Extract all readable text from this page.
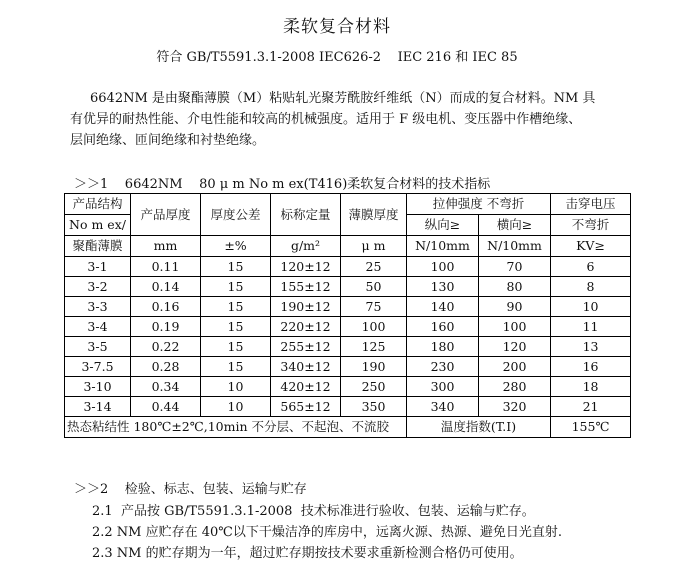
柔软复合材料
符合 GB/T5591.3.1-2008 IEC626-2    IEC 216 和 IEC 85
6642NM 是由聚酯薄膜（M）粘贴轧光聚芳酰胺纤维纸（N）而成的复合材料。NM 具
有优异的耐热性能、介电性能和较高的机械强度。适用于 F 级电机、变压器中作槽绝缘、
层间绝缘、匝间绝缘和衬垫绝缘。
＞＞1    6642NM    80 μ m No m ex(T416)柔软复合材料的技术指标
产品结构	产品厚度	厚度公差	标称定量	薄膜厚度	拉伸强度 不弯折		击穿电压
No m ex/					纵向≥	横向≥	不弯折
聚酯薄膜	mm	±%	g/m²	μ m	N/10mm	N/10mm	KV≥
3-1	0.11	15	120±12	25	100	70	6
3-2	0.14	15	155±12	50	130	80	8
3-3	0.16	15	190±12	75	140	90	10
3-4	0.19	15	220±12	100	160	100	11
3-5	0.22	15	255±12	125	180	120	13
3-7.5	0.28	15	340±12	190	230	200	16
3-10	0.34	10	420±12	250	300	280	18
3-14	0.44	10	565±12	350	340	320	21
热态粘结性 180℃±2℃,10min 不分层、不起泡、不流胶					温度指数(T.I)		155℃
＞＞2    检验、标志、包装、运输与贮存
2.1  产品按 GB/T5591.3.1-2008  技术标准进行验收、包装、运输与贮存。
2.2 NM 应贮存在 40℃以下干燥洁净的库房中，远离火源、热源、避免日光直射.
2.3 NM 的贮存期为一年，超过贮存期按技术要求重新检测合格仍可使用。
